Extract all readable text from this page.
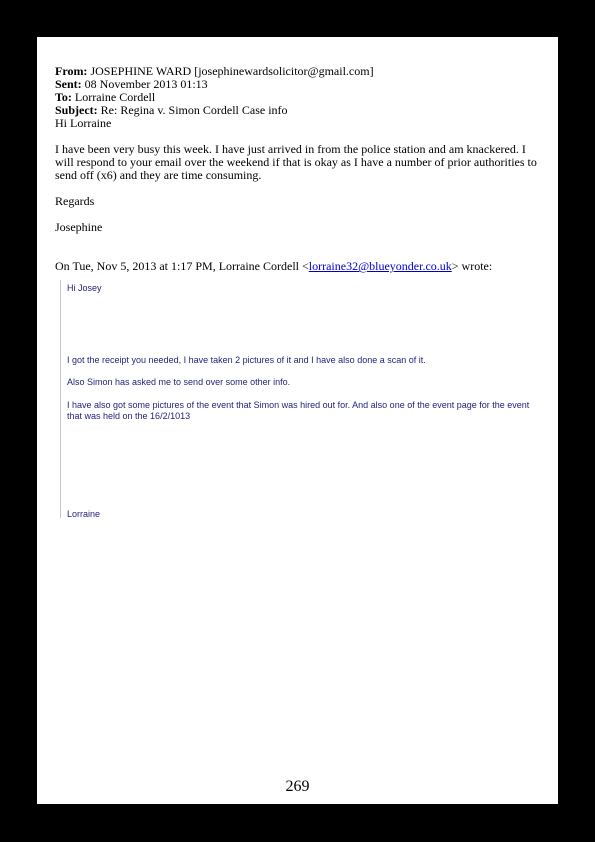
From: JOSEPHINE WARD [josephinewardsolicitor@gmail.com]
Sent: 08 November 2013 01:13
To: Lorraine Cordell
Subject: Re: Regina v. Simon Cordell Case info
Hi Lorraine

I have been very busy this week. I have just arrived in from the police station and am knackered. I will respond to your email over the weekend if that is okay as I have a number of prior authorities to send off (x6) and they are time consuming.

Regards
Josephine
On Tue, Nov 5, 2013 at 1:17 PM, Lorraine Cordell <lorraine32@blueyonder.co.uk> wrote:
Hi Josey
I got the receipt you needed, I have taken 2 pictures of it and I have also done a scan of it.
Also Simon has asked me to send over some other info.
I have also got some pictures of the event that Simon was hired out for. And also one of the event page for the event that was held on the 16/2/1013
Lorraine
269
